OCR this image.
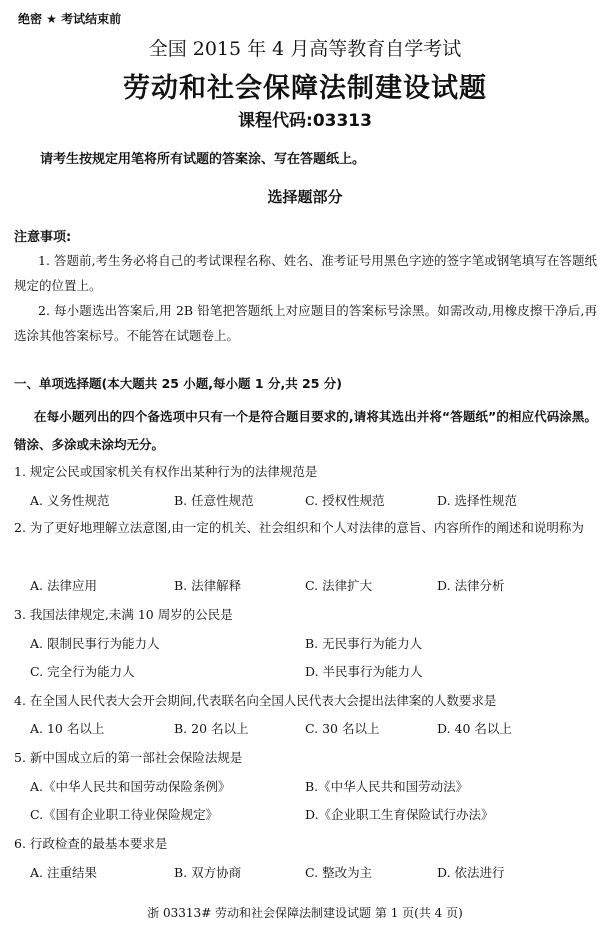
绝密 ★ 考试结束前
全国 2015 年 4 月高等教育自学考试
劳动和社会保障法制建设试题
课程代码:03313
请考生按规定用笔将所有试题的答案涂、写在答题纸上。
选择题部分
注意事项:
1. 答题前,考生务必将自己的考试课程名称、姓名、准考证号用黑色字迹的签字笔或钢笔填写在答题纸规定的位置上。
2. 每小题选出答案后,用 2B 铅笔把答题纸上对应题目的答案标号涂黑。如需改动,用橡皮擦干净后,再选涂其他答案标号。不能答在试题卷上。
一、单项选择题(本大题共 25 小题,每小题 1 分,共 25 分)
在每小题列出的四个备选项中只有一个是符合题目要求的,请将其选出并将“答题纸”的相应代码涂黑。错涂、多涂或未涂均无分。
1. 规定公民或国家机关有权作出某种行为的法律规范是
A. 义务性规范	B. 任意性规范	C. 授权性规范	D. 选择性规范
2. 为了更好地理解立法意图,由一定的机关、社会组织和个人对法律的意旨、内容所作的阐述和说明称为
A. 法律应用	B. 法律解释	C. 法律扩大	D. 法律分析
3. 我国法律规定,未满 10 周岁的公民是
A. 限制民事行为能力人	B. 无民事行为能力人
C. 完全行为能力人	D. 半民事行为能力人
4. 在全国人民代表大会开会期间,代表联名向全国人民代表大会提出法律案的人数要求是
A. 10 名以上	B. 20 名以上	C. 30 名以上	D. 40 名以上
5. 新中国成立后的第一部社会保险法规是
A.《中华人民共和国劳动保险条例》	B.《中华人民共和国劳动法》
C.《国有企业职工待业保险规定》	D.《企业职工生育保险试行办法》
6. 行政检查的最基本要求是
A. 注重结果	B. 双方协商	C. 整改为主	D. 依法进行
浙 03313# 劳动和社会保障法制建设试题 第 1 页(共 4 页)
